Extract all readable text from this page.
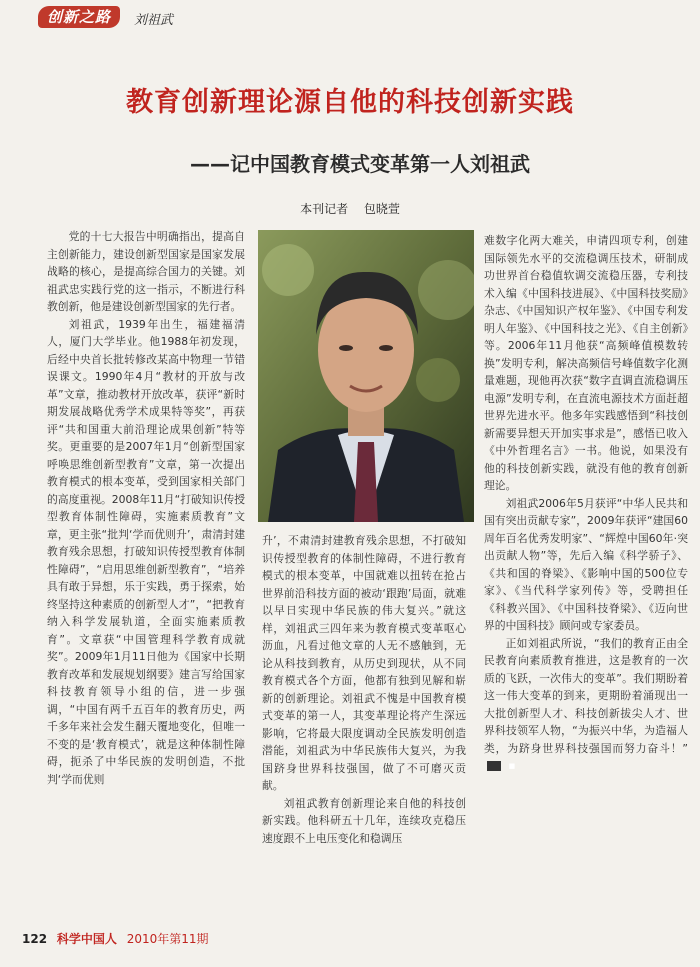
创新之路	刘祖武
教育创新理论源自他的科技创新实践
——记中国教育模式变革第一人刘祖武
本刊记者 包晓萱

党的十七大报告中明确指出，提高自主创新能力，建设创新型国家是国家发展战略的核心，是提高综合国力的关键。刘祖武忠实践行党的这一指示，不断进行科教创新，他是建设创新型国家的先行者。

刘祖武，1939年出生，福建福清人，厦门大学毕业。他1988年初发现，后经中央首长批转修改某高中物理一节错误课文。1990年4月“教材的开放与改革”文章，推动教材开放改革，获评“新时期发展战略优秀学术成果特等奖”，再获评“共和国重大前沿理论成果创新”特等奖。更重要的是2007年1月“创新型国家呼唤思维创新型教育”文章，第一次提出教育模式的根本变革，受到国家相关部门的高度重视。2008年11月“打破知识传授型教育体制性障碍，实施素质教育”文章，更主张“批判‘学而优则升’，肃清封建教育残余思想，打破知识传授型教育体制性障碍”，“启用思维创新型教育”，“培养具有敢于异想，乐于实践，勇于探索，始终坚持这种素质的创新型人才”，“把教育纳入科学发展轨道，全面实施素质教育”。文章获“中国管理科学教育成就奖”。2009年1月11日他为《国家中长期教育改革和发展规划纲要》建言写给国家科技教育领导小组的信，进一步强调，“中国有两千五百年的教育历史，两千多年来社会发生翻天覆地变化，但唯一不变的是‘教育模式’，就是这种体制性障碍，扼杀了中华民族的发明创造，不批判‘学而优则

升’，不肃清封建教育残余思想，不打破知识传授型教育的体制性障碍，不进行教育模式的根本变革，中国就难以扭转在抢占世界前沿科技方面的被动‘跟跑’局面，就难以早日实现中华民族的伟大复兴。”就这样，刘祖武三四年来为教育模式变革呕心沥血，凡看过他文章的人无不感触到，无论从科技到教育，从历史到现状，从不同教育模式各个方面，他都有独到见解和崭新的创新理论。刘祖武不愧是中国教育模式变革的第一人，其变革理论将产生深远影响，它将最大限度调动全民族发明创造潜能，刘祖武为中华民族伟大复兴，为我国跻身世界科技强国，做了不可磨灭贡献。

刘祖武教育创新理论来自他的科技创新实践。他科研五十几年，连续攻克稳压速度跟不上电压变化和稳调压

难数字化两大难关，申请四项专利，创建国际领先水平的交流稳调压技术，研制成功世界首台稳值软调交流稳压器，专利技术入编《中国科技进展》、《中国科技奖励》杂志、《中国知识产权年鉴》、《中国专利发明人年鉴》、《中国科技之光》、《自主创新》等。2006年11月他获“高频峰值模数转换”发明专利，解决高频信号峰值数字化测量难题，现他再次获“数字直调直流稳调压电源”发明专利，在直流电源技术方面赶超世界先进水平。他多年实践感悟到“科技创新需要异想天开加实事求是”，感悟已收入《中外哲理名言》一书。他说，如果没有他的科技创新实践，就没有他的教育创新理论。

刘祖武2006年5月获评“中华人民共和国有突出贡献专家”，2009年获评“建国60周年百名优秀发明家”、“辉煌中国60年·突出贡献人物”等，先后入编《科学骄子》、《共和国的脊梁》、《影响中国的500位专家》、《当代科学家列传》等，受聘担任《科教兴国》、《中国科技脊梁》、《迈向世界的中国科技》顾问或专家委员。

正如刘祖武所说，“我们的教育正由全民教育向素质教育推进，这是教育的一次质的飞跃，一次伟大的变革”。我们期盼着这一伟大变革的到来，更期盼着涌现出一大批创新型人才、科技创新拔尖人才、世界科技领军人物，“为振兴中华，为造福人类，为跻身世界科技强国而努力奋斗！”■

122 科学中国人 2010年第11期
